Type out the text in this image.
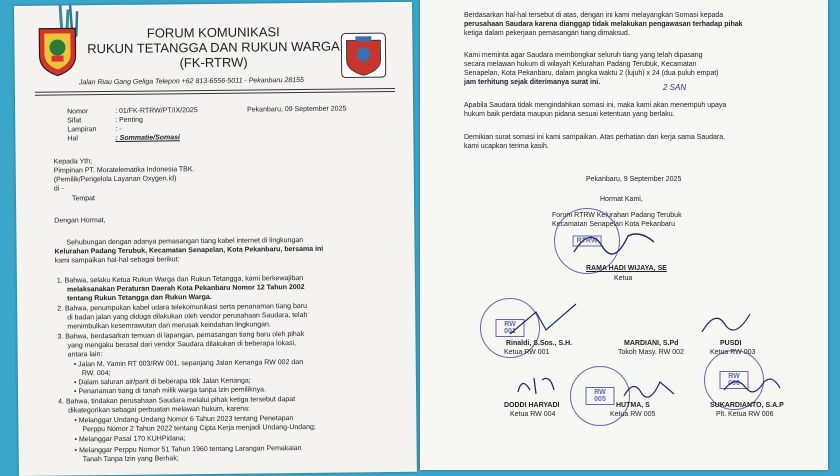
FORUM KOMUNIKASI
RUKUN TETANGGA DAN RUKUN WARGA
(FK-RTRW)
Jalan Riau Gang Geliga Telepon +62 813-6556-5011 - Pekanbaru 28155
Nomor	: 01/FK-RTRW/PT/IX/2025
Sifat	: Penting
Lampiran	: -
Hal	: Sommatie/Somasi
Pekanbaru, 09 September 2025
Kepada Yth;
Pimpinan PT. Moratelematika Indonesia TBK.
(Pemilik/Pengelola Layanan Oxygen.id)
di -
Tempat
Dengan Hormat,
Sehubungan dengan adanya pemasangan tiang kabel internet di lingkungan
Kelurahan Padang Terubuk, Kecamatan Senapelan, Kota Pekanbaru, bersama ini
kami sampaikan hal-hal sebagai berikut:
1. Bahwa, selaku Ketua Rukun Warga dan Rukun Tetangga, kami berkewajiban
melaksanakan Peraturan Daerah Kota Pekanbaru Nomor 12 Tahun 2002
tentang Rukun Tetangga dan Rukun Warga.
2. Bahwa, penumpukan kabel udara telekomunikasi serta penanaman tiang baru
di badan jalan yang diduga dilakukan oleh vendor perusahaan Saudara, telah
menimbulkan kesemrawutan dan merusak keindahan lingkungan.
3. Bahwa, berdasarkan temuan di lapangan, pemasangan tiang baru oleh pihak
yang mengaku berasal dari vendor Saudara dilakukan di beberapa lokasi,
antara lain:
• Jalan M. Yamin RT 003/RW 001, sepanjang Jalan Kenanga RW 002 dan
RW. 004;
• Dalam saluran air/parit di beberapa titik Jalan Kenanga;
• Penanaman tiang di tanah milik warga tanpa izin pemiliknya.
4. Bahwa, tindakan perusahaan Saudara melalui pihak ketiga tersebut dapat
dikategorikan sebagai perbuatan melawan hukum, karena:
• Melanggar Undang-Undang Nomor 6 Tahun 2023 tentang Penetapan
Perppu Nomor 2 Tahun 2022 tentang Cipta Kerja menjadi Undang-Undang;
• Melanggar Pasal 170 KUHPidana;
• Melanggar Perppu Nomor 51 Tahun 1960 tentang Larangan Pemakaian
Tanah Tanpa Izin yang Berhak;
Berdasarkan hal-hal tersebut di atas, dengan ini kami melayangkan Somasi kepada
perusahaan Saudara karena dianggap tidak melakukan pengawasan terhadap pihak
ketiga dalam pekerjaan pemasangan tiang dimaksud.
Kami meminta agar Saudara membongkar seluruh tiang yang telah dipasang
secara melawan hukum di wilayah Kelurahan Padang Terubuk, Kecamatan
Senapelan, Kota Pekanbaru, dalam jangka waktu 2 (lujuh) x 24 (dua puluh empat)
jam terhitung sejak diterimanya surat ini.
2 SAN
Apabila Saudara tidak mengindahkan somasi ini, maka kami akan menempuh upaya
hukum baik perdata maupun pidana sesuai ketentuan yang berlaku.
Demikian surat somasi ini kami sampaikan. Atas perhatian dan kerja sama Saudara,
kami ucapkan terima kasih.
Pekanbaru, 9 September 2025
Hormat Kami,
Forum RTRW Kelurahan Padang Terubuk
Kecamatan Senapelan Kota Pekanbaru
RTRW
RAMA HADI WIJAYA, SE
Ketua
RW 001
Rinaldi, S.Sos., S.H.
Ketua RW 001
MARDIANI, S.Pd
Tokoh Masy. RW 002
PUSDI
Ketua RW 003
RW 005
RW 006
DODDI HARYADI
Ketua RW 004
HUTMA, S
Ketua RW 005
SUKARDIANTO, S.A.P
Plt. Ketua RW 006
